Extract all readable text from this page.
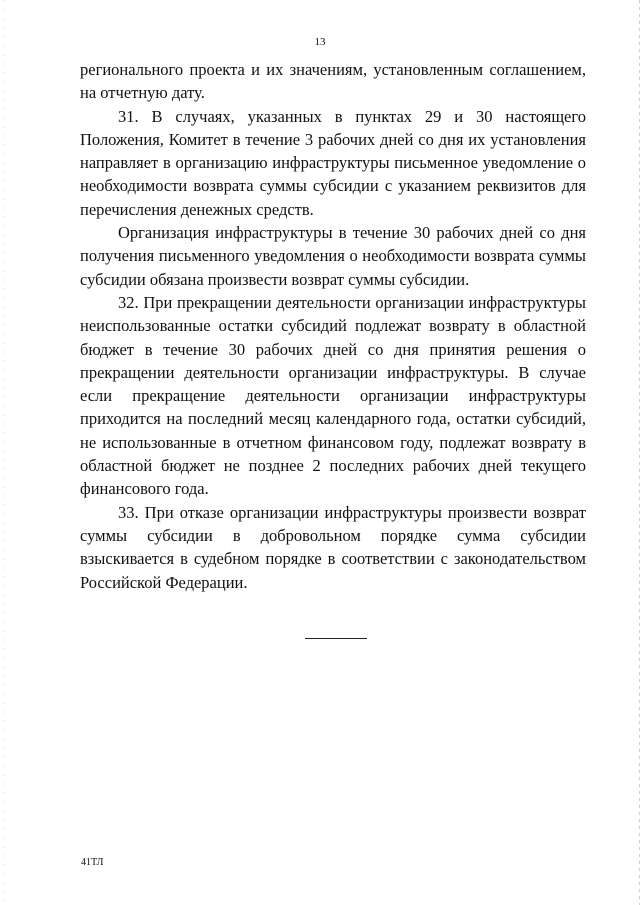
13

регионального проекта и их значениям, установленным соглашением, на отчетную дату.

31. В случаях, указанных в пунктах 29 и 30 настоящего Положения, Комитет в течение 3 рабочих дней со дня их установления направляет в организацию инфраструктуры письменное уведомление о необходимости возврата суммы субсидии с указанием реквизитов для перечисления денежных средств.

Организация инфраструктуры в течение 30 рабочих дней со дня получения письменного уведомления о необходимости возврата суммы субсидии обязана произвести возврат суммы субсидии.

32. При прекращении деятельности организации инфраструктуры неиспользованные остатки субсидий подлежат возврату в областной бюджет в течение 30 рабочих дней со дня принятия решения о прекращении деятельности организации инфраструктуры. В случае если прекращение деятельности организации инфраструктуры приходится на последний месяц календарного года, остатки субсидий, не использованные в отчетном финансовом году, подлежат возврату в областной бюджет не позднее 2 последних рабочих дней текущего финансового года.

33. При отказе организации инфраструктуры произвести возврат суммы субсидии в добровольном порядке сумма субсидии взыскивается в судебном порядке в соответствии с законодательством Российской Федерации.

41ТЛ
